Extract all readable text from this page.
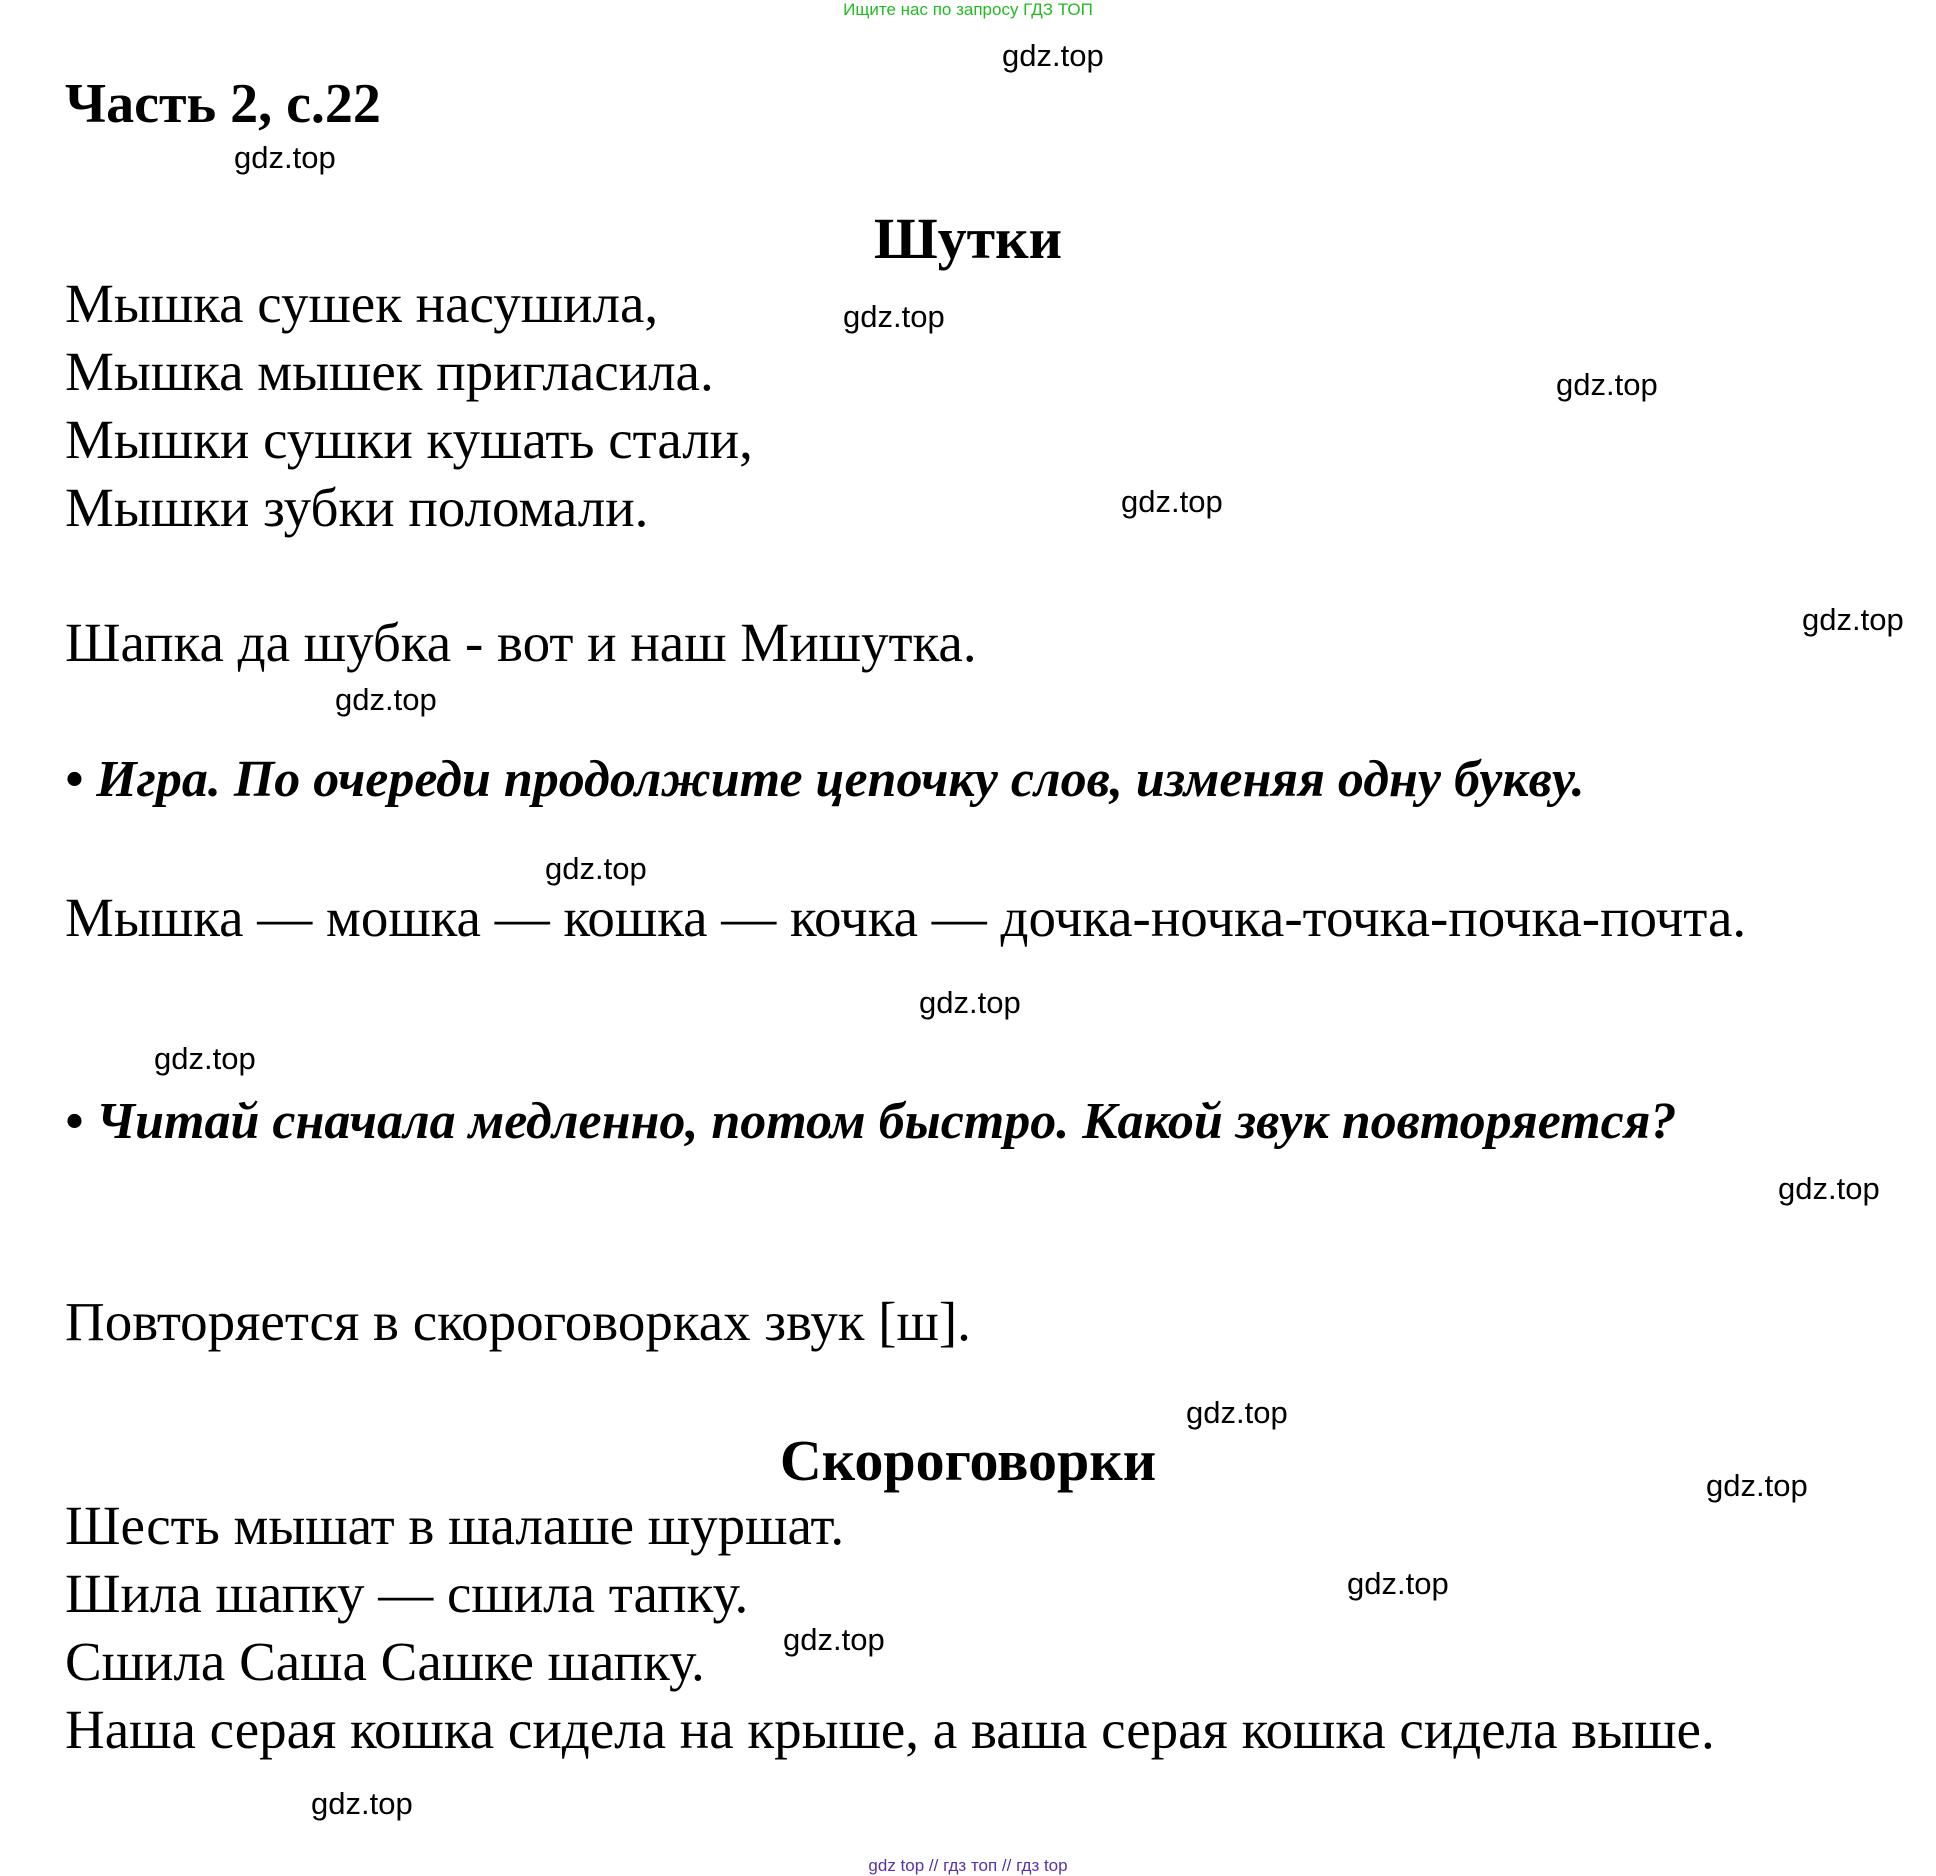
Ищите нас по запросу ГДЗ ТОП
Часть 2, с.22
Шутки
Мышка сушек насушила,
Мышка мышек пригласила.
Мышки сушки кушать стали,
Мышки зубки поломали.
Шапка да шубка - вот и наш Мишутка.
• Игра. По очереди продолжите цепочку слов, изменяя одну букву.
Мышка — мошка — кошка — кочка — дочка-ночка-точка-почка-почта.
• Читай сначала медленно, потом быстро. Какой звук повторяется?
Повторяется в скороговорках звук [ш].
Скороговорки
Шесть мышат в шалаше шуршат.
Шила шапку — сшила тапку.
Сшила Саша Сашке шапку.
Наша серая кошка сидела на крыше, а ваша серая кошка сидела выше.
gdz.top
gdz.top
gdz.top
gdz.top
gdz.top
gdz.top
gdz.top
gdz.top
gdz.top
gdz.top
gdz.top
gdz.top
gdz.top
gdz.top
gdz.top
gdz.top
gdz top // гдз топ // гдз top
